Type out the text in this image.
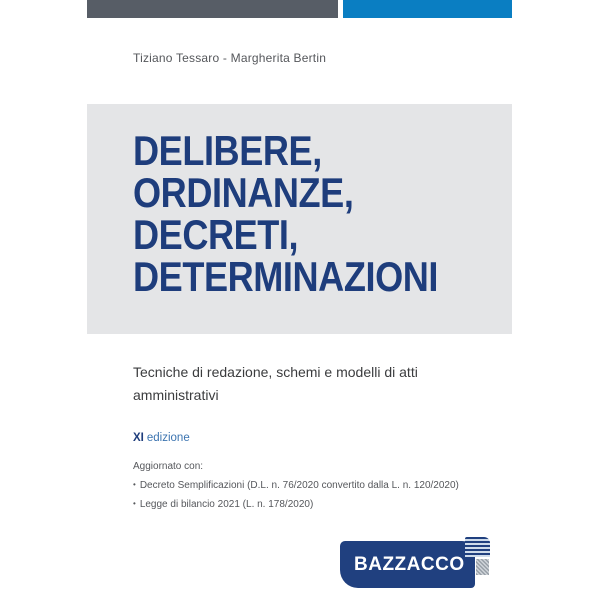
Tiziano Tessaro - Margherita Bertin
DELIBERE,
ORDINANZE,
DECRETI,
DETERMINAZIONI
Tecniche di redazione, schemi e modelli di atti amministrativi
XI edizione
Aggiornato con:
• Decreto Semplificazioni (D.L. n. 76/2020 convertito dalla L. n. 120/2020)
• Legge di bilancio 2021 (L. n. 178/2020)
BAZZACCO
